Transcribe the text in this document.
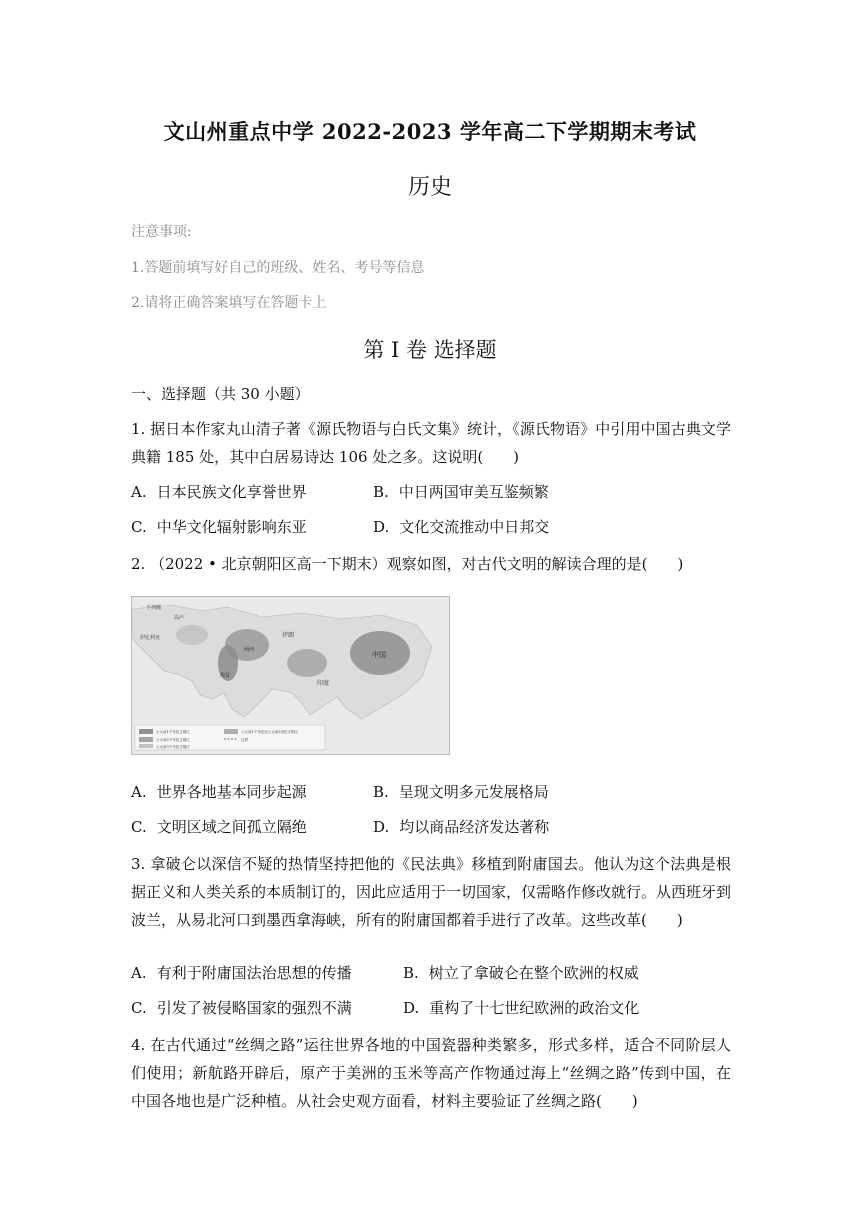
文山州重点中学 2022-2023 学年高二下学期期末考试
历史
注意事项:
1.答题前填写好自己的班级、姓名、考号等信息
2.请将正确答案填写在答题卡上
第 I 卷 选择题
一、选择题（共 30 小题）
1. 据日本作家丸山清子著《源氏物语与白氏文集》统计，《源氏物语》中引用中国古典文学典籍 185 处，其中白居易诗达 106 处之多。这说明(　　)
A. 日本民族文化享誉世界	B. 中日两国审美互鉴频繁
C. 中华文化辐射影响东亚	D. 文化交流推动中日邦交
2. （2022 • 北京朝阳区高一下期末）观察如图，对古代文明的解读合理的是(　　)
不列颠
高卢
伊比利亚	伊朗
中国
印度
埃及
两河
公元前1千年纪文明区
公元前2千年纪文明区
公元前3千年纪文明区
公元前1千年纪至公元前5世纪文明区
边界
A. 世界各地基本同步起源	B. 呈现文明多元发展格局
C. 文明区域之间孤立隔绝	D. 均以商品经济发达著称
3. 拿破仑以深信不疑的热情坚持把他的《民法典》移植到附庸国去。他认为这个法典是根据正义和人类关系的本质制订的，因此应适用于一切国家，仅需略作修改就行。从西班牙到波兰，从易北河口到墨西拿海峡，所有的附庸国都着手进行了改革。这些改革(　　)
A. 有利于附庸国法治思想的传播	B. 树立了拿破仑在整个欧洲的权威
C. 引发了被侵略国家的强烈不满	D. 重构了十七世纪欧洲的政治文化
4. 在古代通过“丝绸之路”运往世界各地的中国瓷器种类繁多，形式多样，适合不同阶层人们使用；新航路开辟后，原产于美洲的玉米等高产作物通过海上“丝绸之路”传到中国，在中国各地也是广泛种植。从社会史观方面看，材料主要验证了丝绸之路(　　)
